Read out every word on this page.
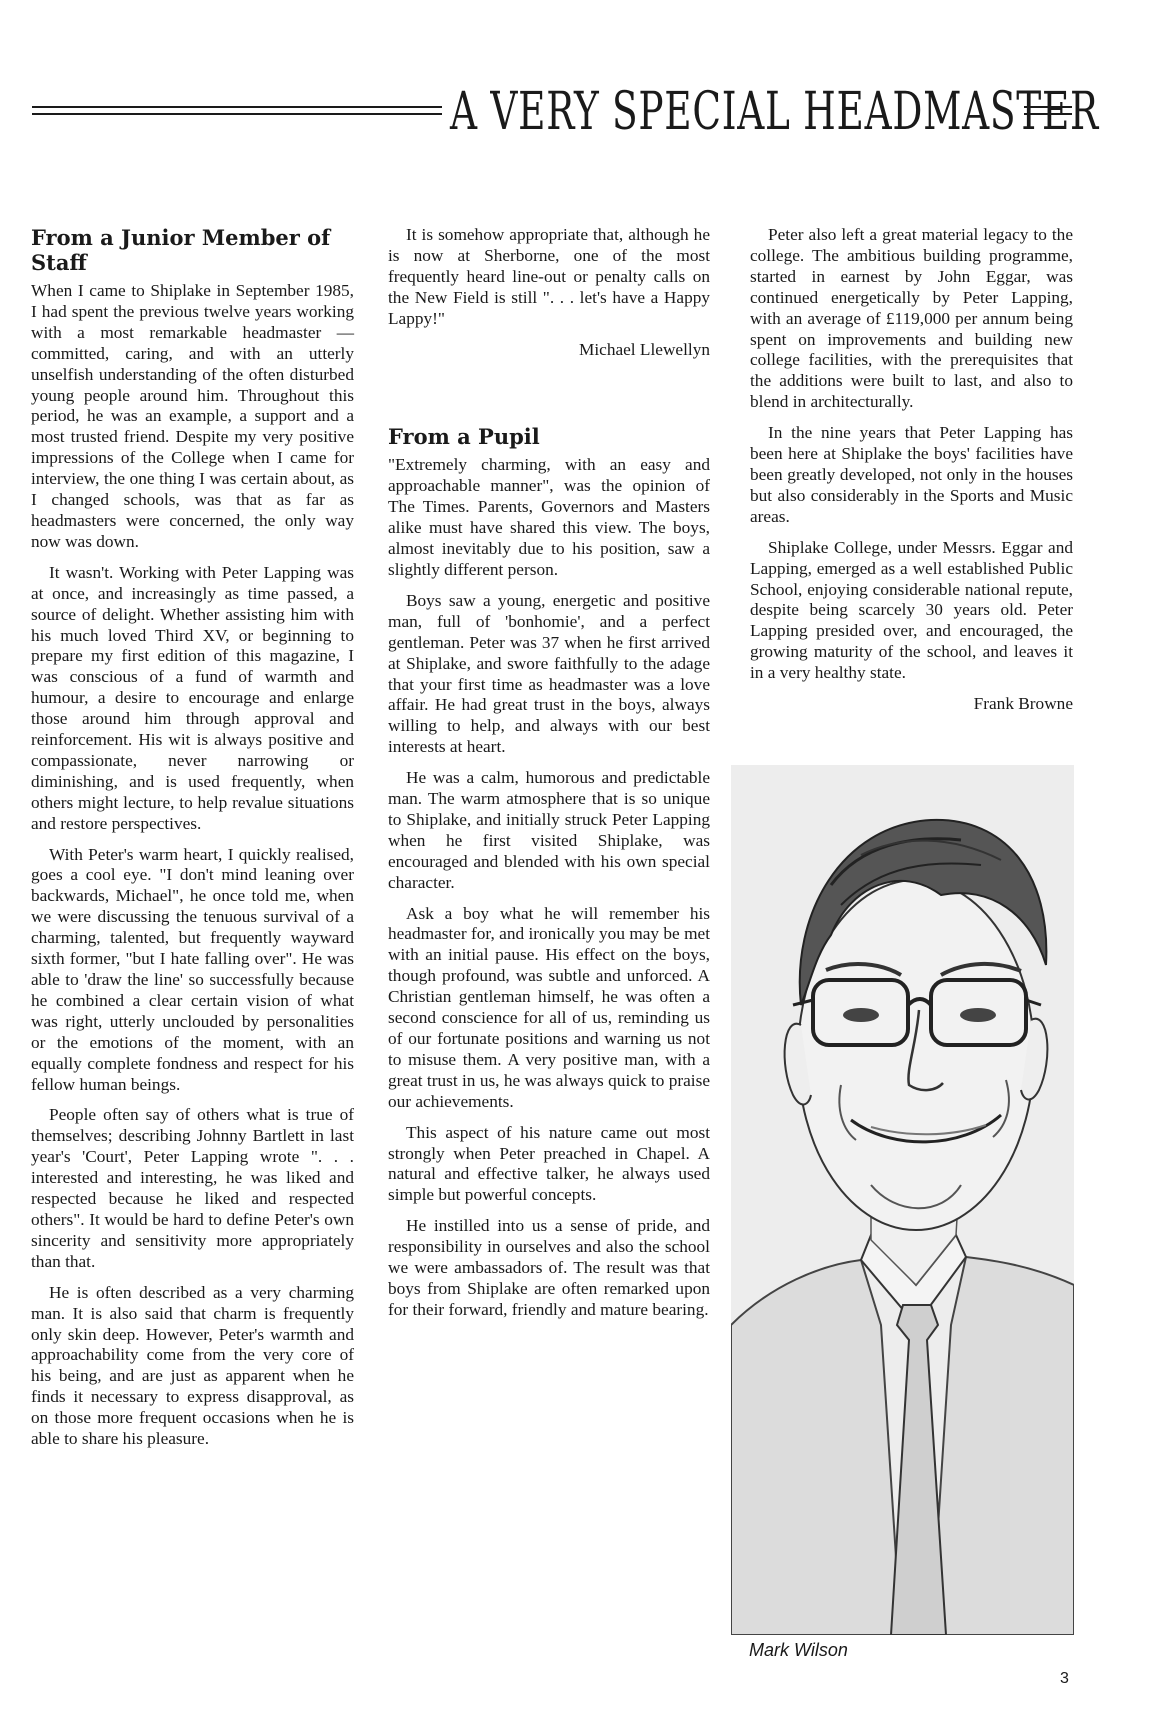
A VERY SPECIAL HEADMASTER
From a Junior Member of Staff

When I came to Shiplake in September 1985, I had spent the previous twelve years working with a most remarkable headmaster — committed, caring, and with an utterly unselfish understanding of the often disturbed young people around him. Throughout this period, he was an example, a support and a most trusted friend. Despite my very positive impressions of the College when I came for interview, the one thing I was certain about, as I changed schools, was that as far as headmasters were concerned, the only way now was down.

It wasn't. Working with Peter Lapping was at once, and increasingly as time passed, a source of delight. Whether assisting him with his much loved Third XV, or beginning to prepare my first edition of this magazine, I was conscious of a fund of warmth and humour, a desire to encourage and enlarge those around him through approval and reinforcement. His wit is always positive and compassionate, never narrowing or diminishing, and is used frequently, when others might lecture, to help revalue situations and restore perspectives.

With Peter's warm heart, I quickly realised, goes a cool eye. "I don't mind leaning over backwards, Michael", he once told me, when we were discussing the tenuous survival of a charming, talented, but frequently wayward sixth former, "but I hate falling over". He was able to 'draw the line' so successfully because he combined a clear certain vision of what was right, utterly unclouded by personalities or the emotions of the moment, with an equally complete fondness and respect for his fellow human beings.

People often say of others what is true of themselves; describing Johnny Bartlett in last year's 'Court', Peter Lapping wrote ". . . interested and interesting, he was liked and respected because he liked and respected others". It would be hard to define Peter's own sincerity and sensitivity more appropriately than that.

He is often described as a very charming man. It is also said that charm is frequently only skin deep. However, Peter's warmth and approachability come from the very core of his being, and are just as apparent when he finds it necessary to express disapproval, as on those more frequent occasions when he is able to share his pleasure.

It is somehow appropriate that, although he is now at Sherborne, one of the most frequently heard line-out or penalty calls on the New Field is still ". . . let's have a Happy Lappy!"

Michael Llewellyn
From a Pupil

"Extremely charming, with an easy and approachable manner", was the opinion of The Times. Parents, Governors and Masters alike must have shared this view. The boys, almost inevitably due to his position, saw a slightly different person.

Boys saw a young, energetic and positive man, full of 'bonhomie', and a perfect gentleman. Peter was 37 when he first arrived at Shiplake, and swore faithfully to the adage that your first time as headmaster was a love affair. He had great trust in the boys, always willing to help, and always with our best interests at heart.

He was a calm, humorous and predictable man. The warm atmosphere that is so unique to Shiplake, and initially struck Peter Lapping when he first visited Shiplake, was encouraged and blended with his own special character.

Ask a boy what he will remember his headmaster for, and ironically you may be met with an initial pause. His effect on the boys, though profound, was subtle and unforced. A Christian gentleman himself, he was often a second conscience for all of us, reminding us of our fortunate positions and warning us not to misuse them. A very positive man, with a great trust in us, he was always quick to praise our achievements.

This aspect of his nature came out most strongly when Peter preached in Chapel. A natural and effective talker, he always used simple but powerful concepts.

He instilled into us a sense of pride, and responsibility in ourselves and also the school we were ambassadors of. The result was that boys from Shiplake are often remarked upon for their forward, friendly and mature bearing.

Peter also left a great material legacy to the college. The ambitious building programme, started in earnest by John Eggar, was continued energetically by Peter Lapping, with an average of £119,000 per annum being spent on improvements and building new college facilities, with the prerequisites that the additions were built to last, and also to blend in architecturally.

In the nine years that Peter Lapping has been here at Shiplake the boys' facilities have been greatly developed, not only in the houses but also considerably in the Sports and Music areas.

Shiplake College, under Messrs. Eggar and Lapping, emerged as a well established Public School, enjoying considerable national repute, despite being scarcely 30 years old. Peter Lapping presided over, and encouraged, the growing maturity of the school, and leaves it in a very healthy state.

Frank Browne
Mark Wilson
3
